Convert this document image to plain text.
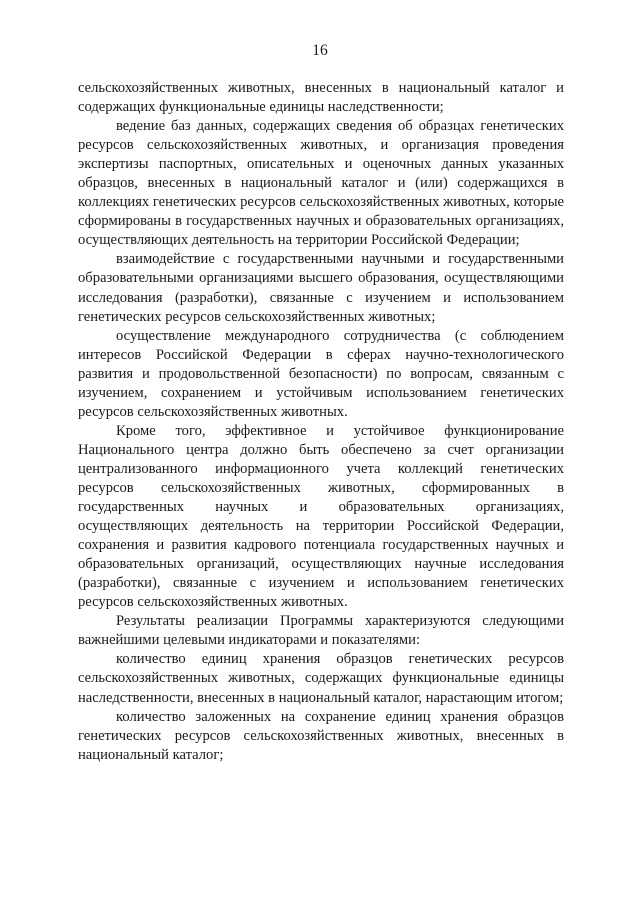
16

сельскохозяйственных животных, внесенных в национальный каталог и содержащих функциональные единицы наследственности;

ведение баз данных, содержащих сведения об образцах генетических ресурсов сельскохозяйственных животных, и организация проведения экспертизы паспортных, описательных и оценочных данных указанных образцов, внесенных в национальный каталог и (или) содержащихся в коллекциях генетических ресурсов сельскохозяйственных животных, которые сформированы в государственных научных и образовательных организациях, осуществляющих деятельность на территории Российской Федерации;

взаимодействие с государственными научными и государственными образовательными организациями высшего образования, осуществляющими исследования (разработки), связанные с изучением и использованием генетических ресурсов сельскохозяйственных животных;

осуществление международного сотрудничества (с соблюдением интересов Российской Федерации в сферах научно-технологического развития и продовольственной безопасности) по вопросам, связанным с изучением, сохранением и устойчивым использованием генетических ресурсов сельскохозяйственных животных.

Кроме того, эффективное и устойчивое функционирование Национального центра должно быть обеспечено за счет организации централизованного информационного учета коллекций генетических ресурсов сельскохозяйственных животных, сформированных в государственных научных и образовательных организациях, осуществляющих деятельность на территории Российской Федерации, сохранения и развития кадрового потенциала государственных научных и образовательных организаций, осуществляющих научные исследования (разработки), связанные с изучением и использованием генетических ресурсов сельскохозяйственных животных.

Результаты реализации Программы характеризуются следующими важнейшими целевыми индикаторами и показателями:

количество единиц хранения образцов генетических ресурсов сельскохозяйственных животных, содержащих функциональные единицы наследственности, внесенных в национальный каталог, нарастающим итогом;

количество заложенных на сохранение единиц хранения образцов генетических ресурсов сельскохозяйственных животных, внесенных в национальный каталог;
